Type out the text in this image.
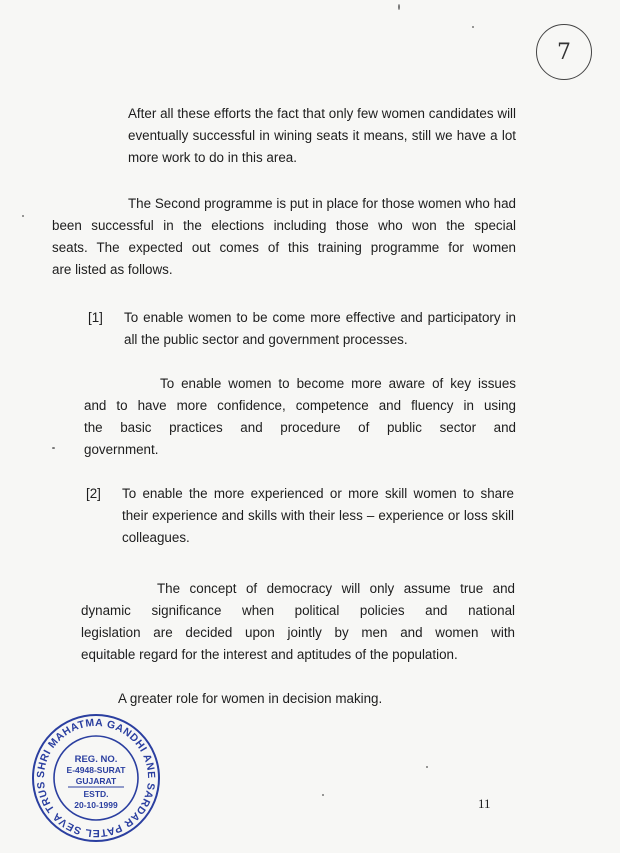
7

After all these efforts the fact that only few women candidates will
eventually successful in wining seats it means, still we have a lot
more work to do in this area.

The Second programme is put in place for those women who had
been successful in the elections including those who won the special
seats. The expected out comes of this training programme for women
are listed as follows.

[1] To enable women to be come more effective and participatory in
all the public sector and government processes.

To enable women to become more aware of key issues
and to have more confidence, competence and fluency in using
the basic practices and procedure of public sector and
government.

[2] To enable the more experienced or more skill women to share
their experience and skills with their less – experience or loss skill
colleagues.

The concept of democracy will only assume true and
dynamic significance when political policies and national
legislation are decided upon jointly by men and women with
equitable regard for the interest and aptitudes of the population.

A greater role for women in decision making.

SHRI MAHATMA GANDHI ANE SARDAR PATEL SEVA TRUS
REG. NO.
E-4948-SURAT
GUJARAT
ESTD.
20-10-1999	11
